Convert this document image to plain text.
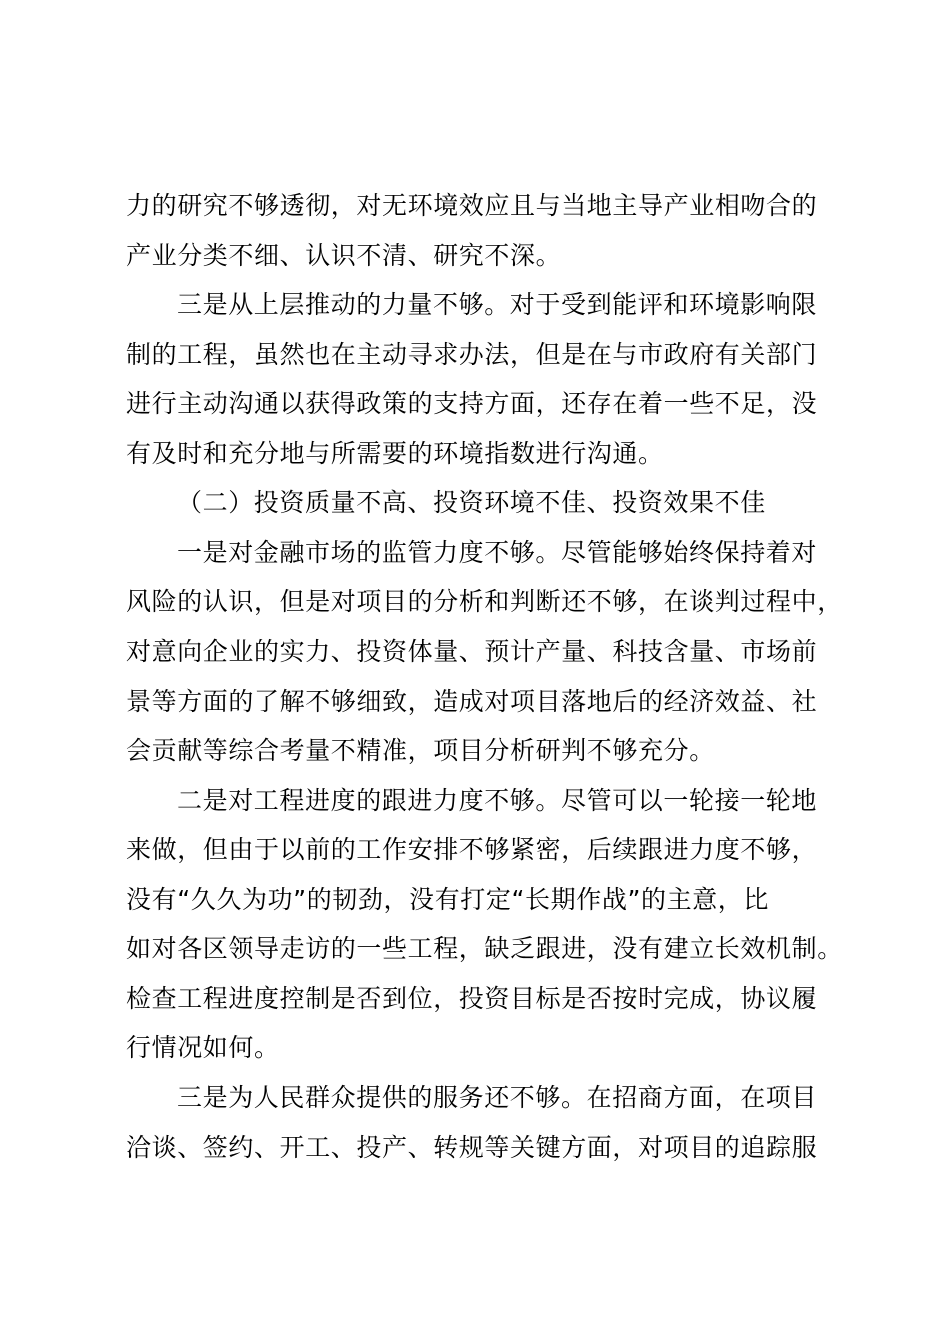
力的研究不够透彻，对无环境效应且与当地主导产业相吻合的
产业分类不细、认识不清、研究不深。
三是从上层推动的力量不够。对于受到能评和环境影响限
制的工程，虽然也在主动寻求办法，但是在与市政府有关部门
进行主动沟通以获得政策的支持方面，还存在着一些不足，没
有及时和充分地与所需要的环境指数进行沟通。
（二）投资质量不高、投资环境不佳、投资效果不佳
一是对金融市场的监管力度不够。尽管能够始终保持着对
风险的认识，但是对项目的分析和判断还不够，在谈判过程中，
对意向企业的实力、投资体量、预计产量、科技含量、市场前
景等方面的了解不够细致，造成对项目落地后的经济效益、社
会贡献等综合考量不精准，项目分析研判不够充分。
二是对工程进度的跟进力度不够。尽管可以一轮接一轮地
来做，但由于以前的工作安排不够紧密，后续跟进力度不够，
没有“久久为功”的韧劲，没有打定“长期作战”的主意，比
如对各区领导走访的一些工程，缺乏跟进，没有建立长效机制。
检查工程进度控制是否到位，投资目标是否按时完成，协议履
行情况如何。
三是为人民群众提供的服务还不够。在招商方面，在项目
洽谈、签约、开工、投产、转规等关键方面，对项目的追踪服
